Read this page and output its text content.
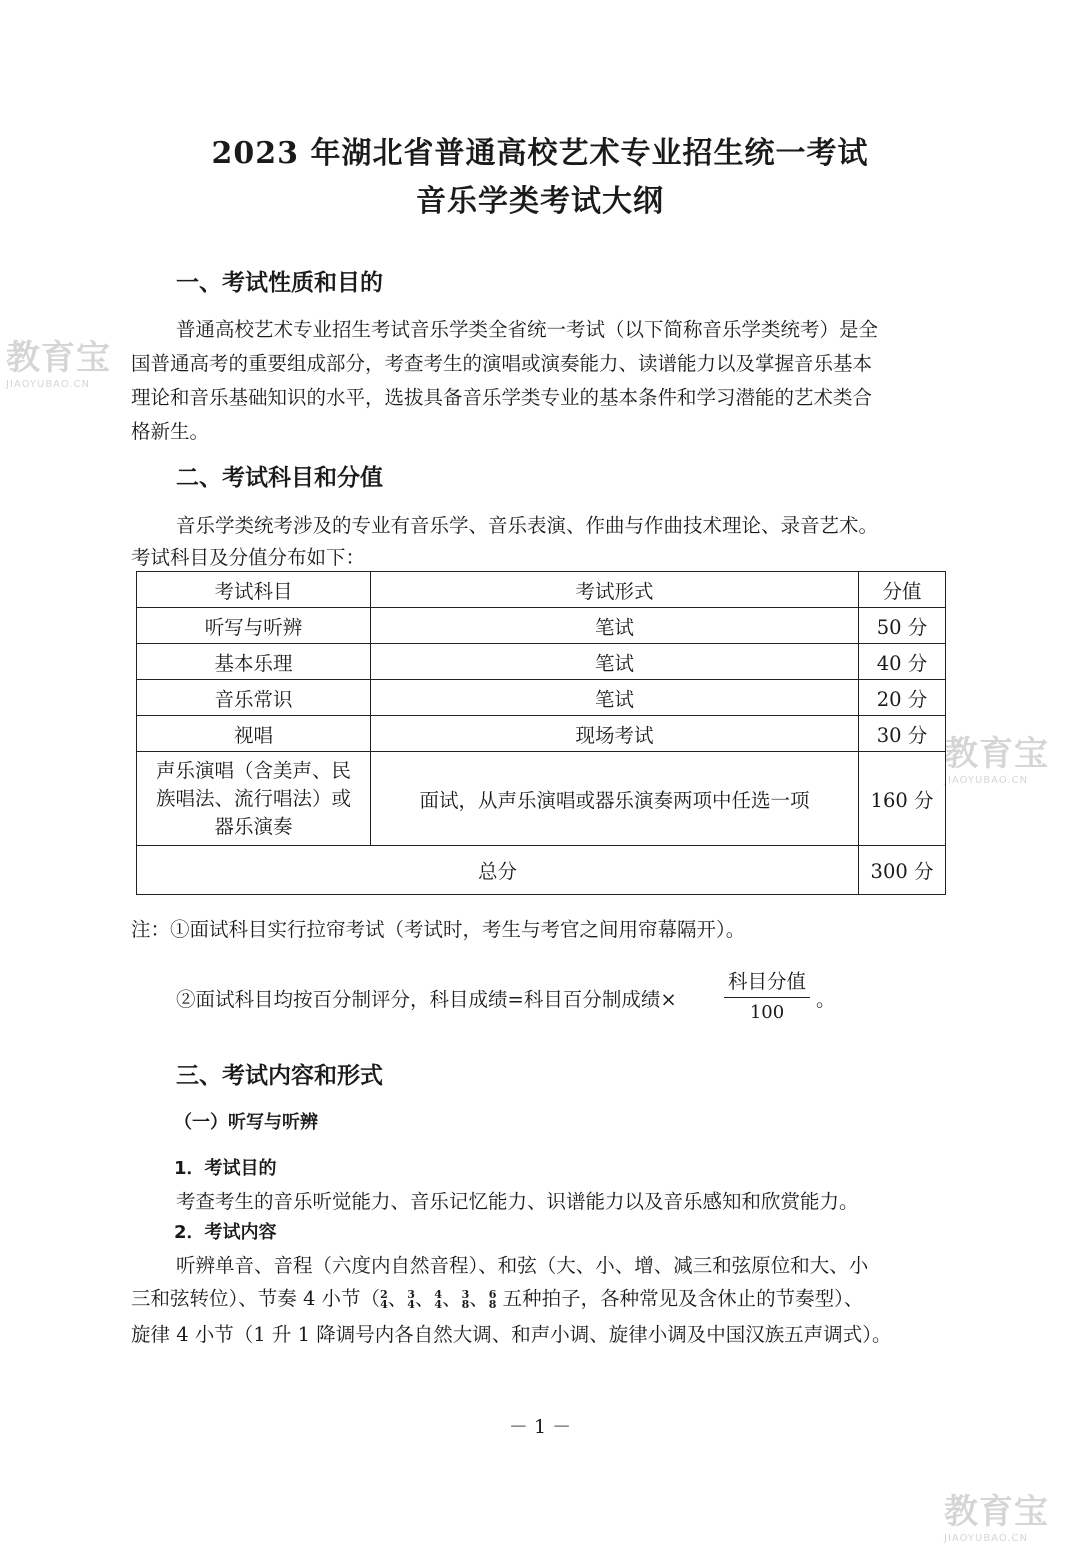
教育宝
JIAOYUBAO.CN
教育宝
JIAOYUBAO.CN
教育宝
JIAOYUBAO.CN
2023 年湖北省普通高校艺术专业招生统一考试
音乐学类考试大纲
一、考试性质和目的
普通高校艺术专业招生考试音乐学类全省统一考试（以下简称音乐学类统考）是全
国普通高考的重要组成部分，考查考生的演唱或演奏能力、读谱能力以及掌握音乐基本
理论和音乐基础知识的水平，选拔具备音乐学类专业的基本条件和学习潜能的艺术类合
格新生。
二、考试科目和分值
音乐学类统考涉及的专业有音乐学、音乐表演、作曲与作曲技术理论、录音艺术。
考试科目及分值分布如下：
考试科目	考试形式	分值
听写与听辨	笔试	50 分
基本乐理	笔试	40 分
音乐常识	笔试	20 分
视唱	现场考试	30 分

声乐演唱（含美声、民
族唱法、流行唱法）或
器乐演奏	面试，从声乐演唱或器乐演奏两项中任选一项	160 分
总分		300 分
注：①面试科目实行拉帘考试（考试时，考生与考官之间用帘幕隔开）。
②面试科目均按百分制评分，科目成绩=科目百分制成绩×
科目分值
100
。
三、考试内容和形式
（一）听写与听辨
1．考试目的
考查考生的音乐听觉能力、音乐记忆能力、识谱能力以及音乐感知和欣赏能力。
2．考试内容
听辨单音、音程（六度内自然音程）、和弦（大、小、增、减三和弦原位和大、小
三和弦转位）、节奏 4 小节（ 2
4 、 3
4 、 4
4 、 3
8 、 6
8 五种拍子，各种常见及含休止的节奏型）、
旋律 4 小节（1 升 1 降调号内各自然大调、和声小调、旋律小调及中国汉族五声调式）。
－ 1 －
